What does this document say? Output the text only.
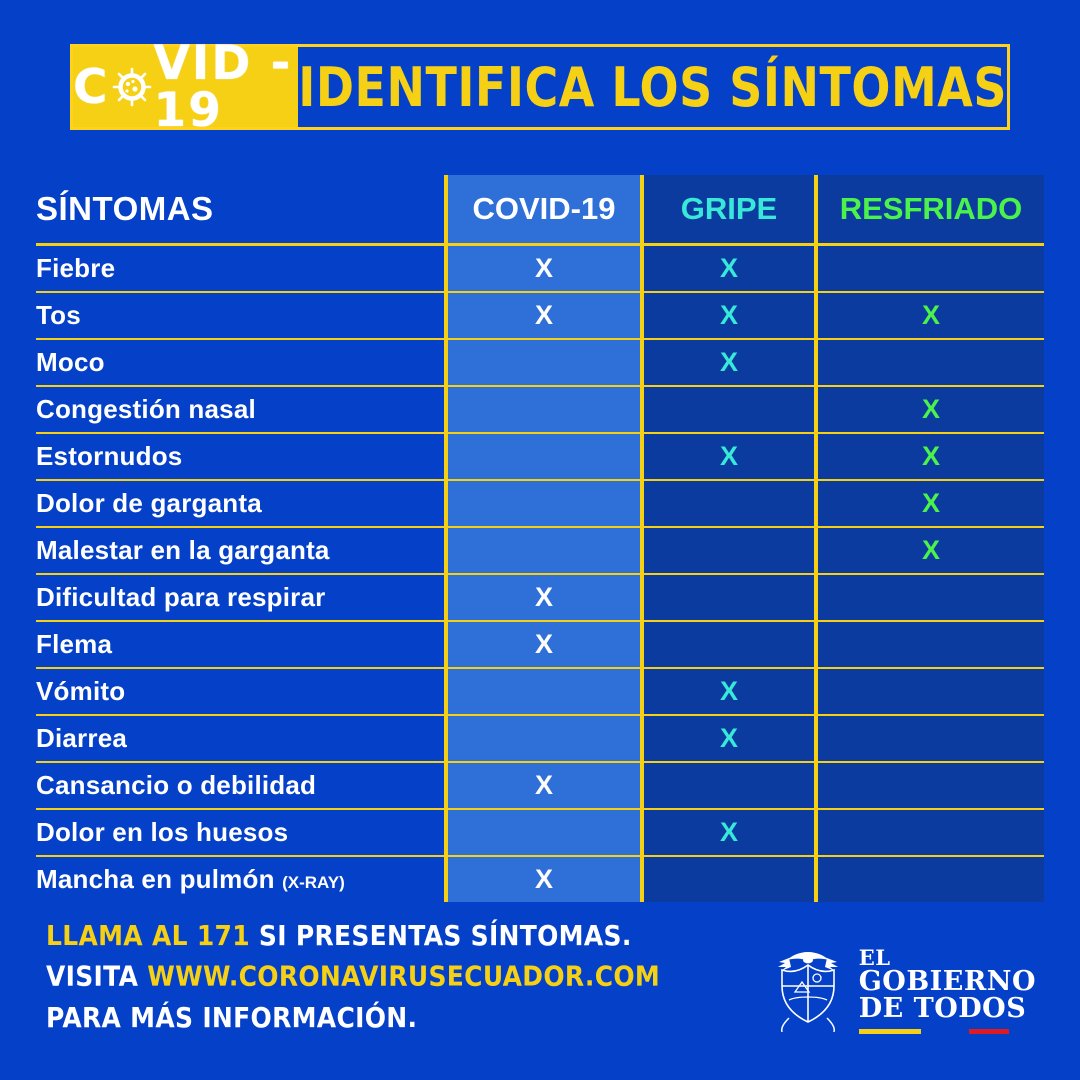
C VID - 19	IDENTIFICA LOS SÍNTOMAS
SÍNTOMAS	COVID-19	GRIPE	RESFRIADO
Fiebre	X	X	
Tos	X	X	X
Moco		X	
Congestión nasal			X
Estornudos		X	X
Dolor de garganta			X
Malestar en la garganta			X
Dificultad para respirar	X		
Flema	X		
Vómito		X	
Diarrea		X	
Cansancio o debilidad	X		
Dolor en los huesos		X	
Mancha en pulmón (X-RAY)	X		
LLAMA AL 171 SI PRESENTAS SÍNTOMAS.
VISITA WWW.CORONAVIRUSECUADOR.COM
PARA MÁS INFORMACIÓN.
EL
GOBIERNO
DE TODOS
